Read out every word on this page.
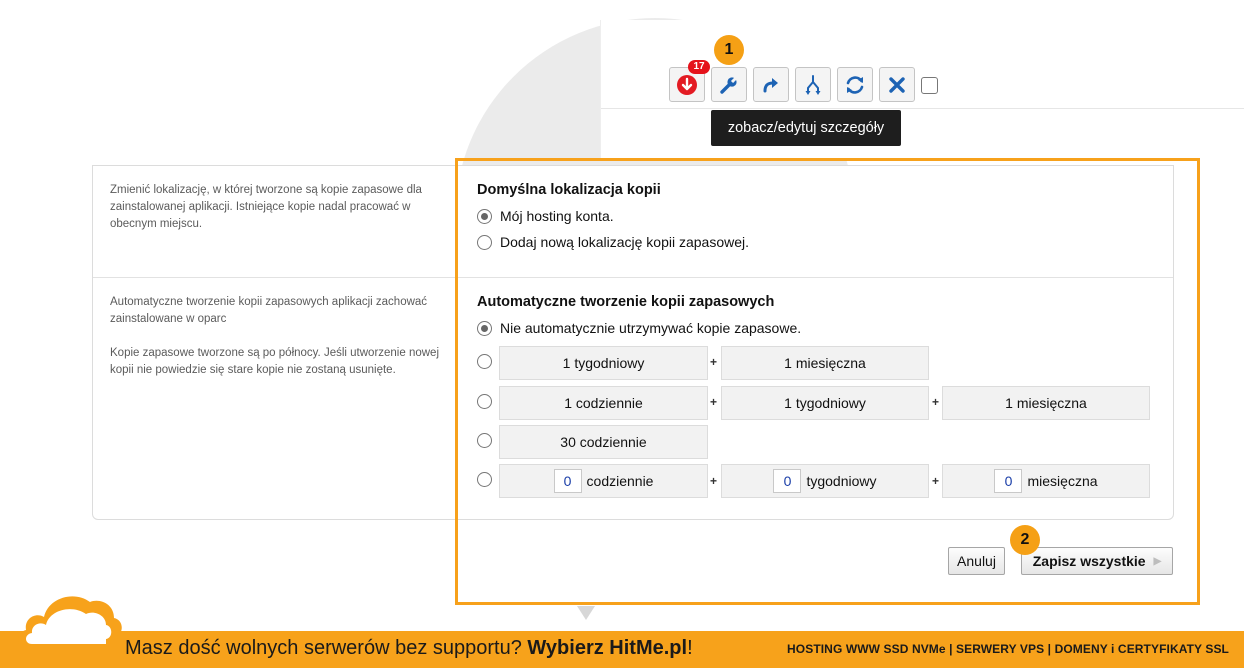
17
zobacz/edytuj szczegóły
1

Zmienić lokalizację, w której tworzone są kopie zapasowe dla zainstalowanej aplikacji. Istniejące kopie nadal pracować w obecnym miejscu.

Automatyczne tworzenie kopii zapasowych aplikacji zachować zainstalowane w oparc

Kopie zapasowe tworzone są po północy. Jeśli utworzenie nowej kopii nie powiedzie się stare kopie nie zostaną usunięte.

Domyślna lokalizacja kopii
Mój hosting konta.
Dodaj nową lokalizację kopii zapasowej.
Automatyczne tworzenie kopii zapasowych
Nie automatycznie utrzymywać kopie zapasowe.
1 tygodniowy	+	1 miesięczna
1 codziennie	+	1 tygodniowy	+	1 miesięczna
30 codziennie
0	codziennie	+	0	tygodniowy	+	0	miesięczna
Anuluj	Zapisz wszystkie ▶
2
Masz dość wolnych serwerów bez supportu? Wybierz HitMe.pl!	HOSTING WWW SSD NVMe | SERWERY VPS | DOMENY i CERTYFIKATY SSL
